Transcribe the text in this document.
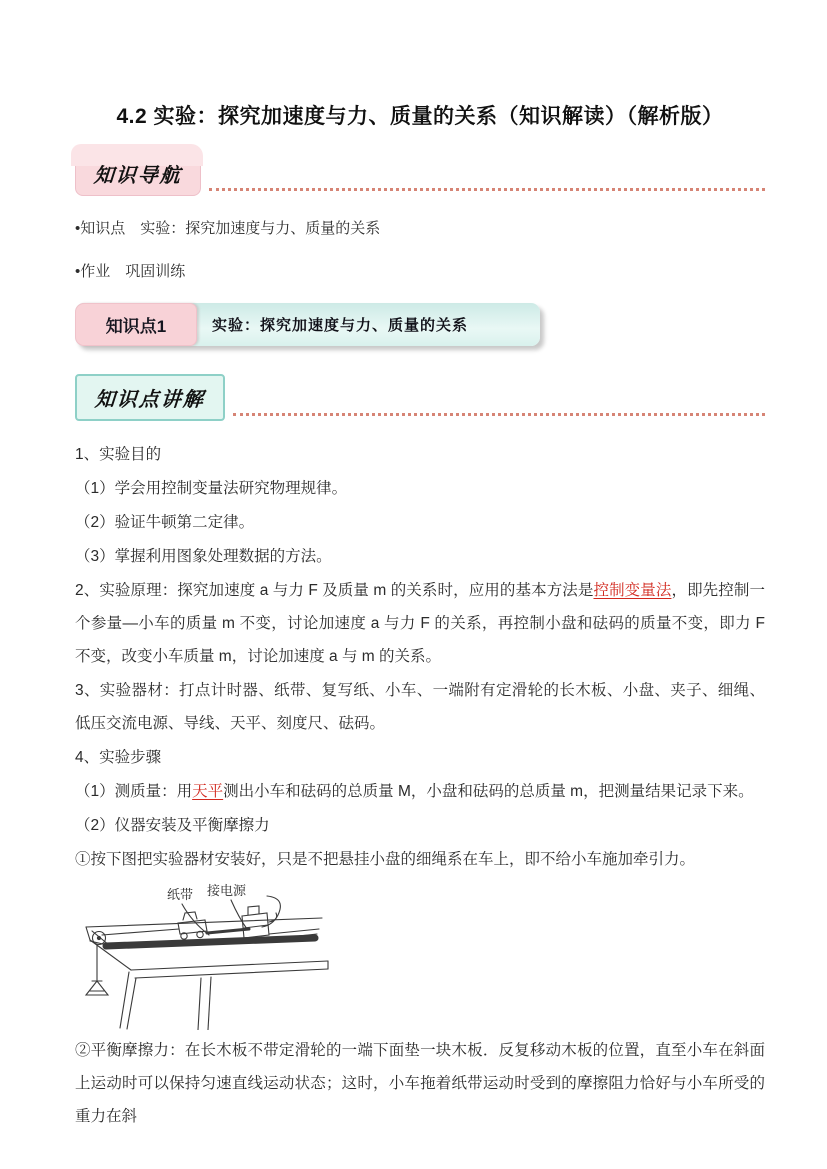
4.2 实验：探究加速度与力、质量的关系（知识解读）（解析版）
知识导航
•知识点　实验：探究加速度与力、质量的关系
•作业　巩固训练
知识点1	实验：探究加速度与力、质量的关系
知识点讲解

1、实验目的

（1）学会用控制变量法研究物理规律。

（2）验证牛顿第二定律。

（3）掌握利用图象处理数据的方法。

2、实验原理：探究加速度 a 与力 F 及质量 m 的关系时，应用的基本方法是控制变量法，即先控制一个参量—小车的质量 m 不变，讨论加速度 a 与力 F 的关系，再控制小盘和砝码的质量不变，即力 F 不变，改变小车质量 m，讨论加速度 a 与 m 的关系。

3、实验器材：打点计时器、纸带、复写纸、小车、一端附有定滑轮的长木板、小盘、夹子、细绳、低压交流电源、导线、天平、刻度尺、砝码。

4、实验步骤

（1）测质量：用天平测出小车和砝码的总质量 M，小盘和砝码的总质量 m，把测量结果记录下来。

（2）仪器安装及平衡摩擦力

①按下图把实验器材安装好，只是不把悬挂小盘的细绳系在车上，即不给小车施加牵引力。

纸带 接电源

②平衡摩擦力：在长木板不带定滑轮的一端下面垫一块木板．反复移动木板的位置，直至小车在斜面上运动时可以保持匀速直线运动状态；这时，小车拖着纸带运动时受到的摩擦阻力恰好与小车所受的重力在斜
